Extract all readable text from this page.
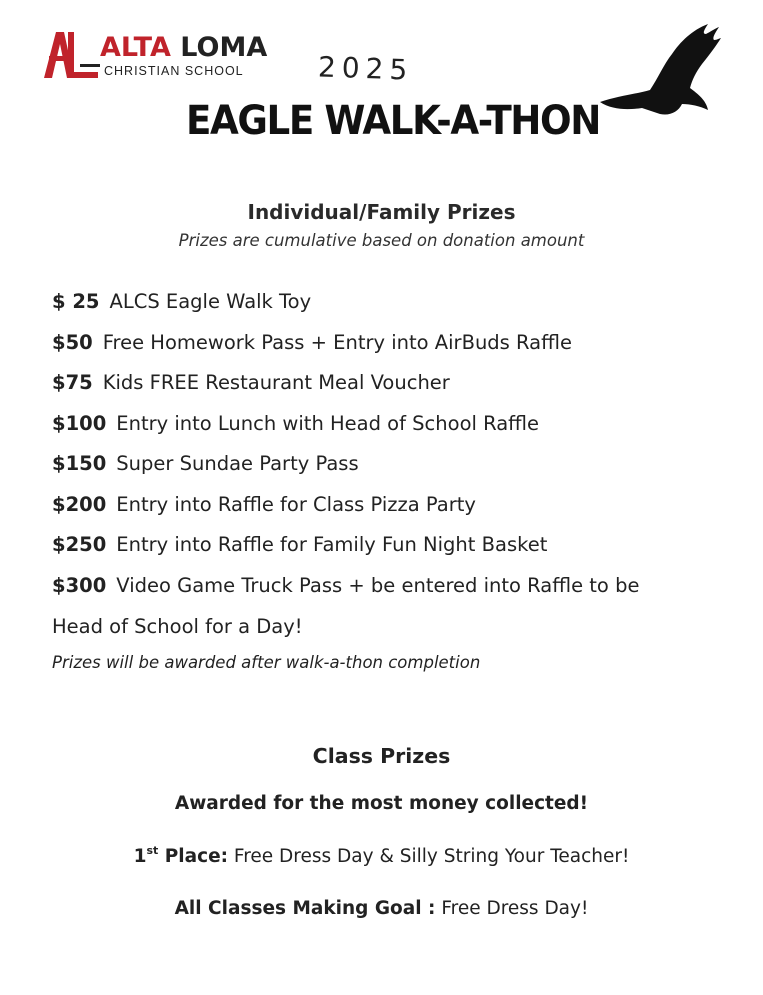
ALTA LOMA
CHRISTIAN SCHOOL	2025
EAGLE WALK-A-THON
Individual/Family Prizes
Prizes are cumulative based on donation amount
$ 25 ALCS Eagle Walk Toy
$50 Free Homework Pass + Entry into AirBuds Raffle
$75 Kids FREE Restaurant Meal Voucher
$100 Entry into Lunch with Head of School Raffle
$150 Super Sundae Party Pass
$200 Entry into Raffle for Class Pizza Party
$250 Entry into Raffle for Family Fun Night Basket
$300 Video Game Truck Pass + be entered into Raffle to be
Head of School for a Day!
Prizes will be awarded after walk-a-thon completion
Class Prizes
Awarded for the most money collected!
1st Place: Free Dress Day & Silly String Your Teacher!
All Classes Making Goal : Free Dress Day!
